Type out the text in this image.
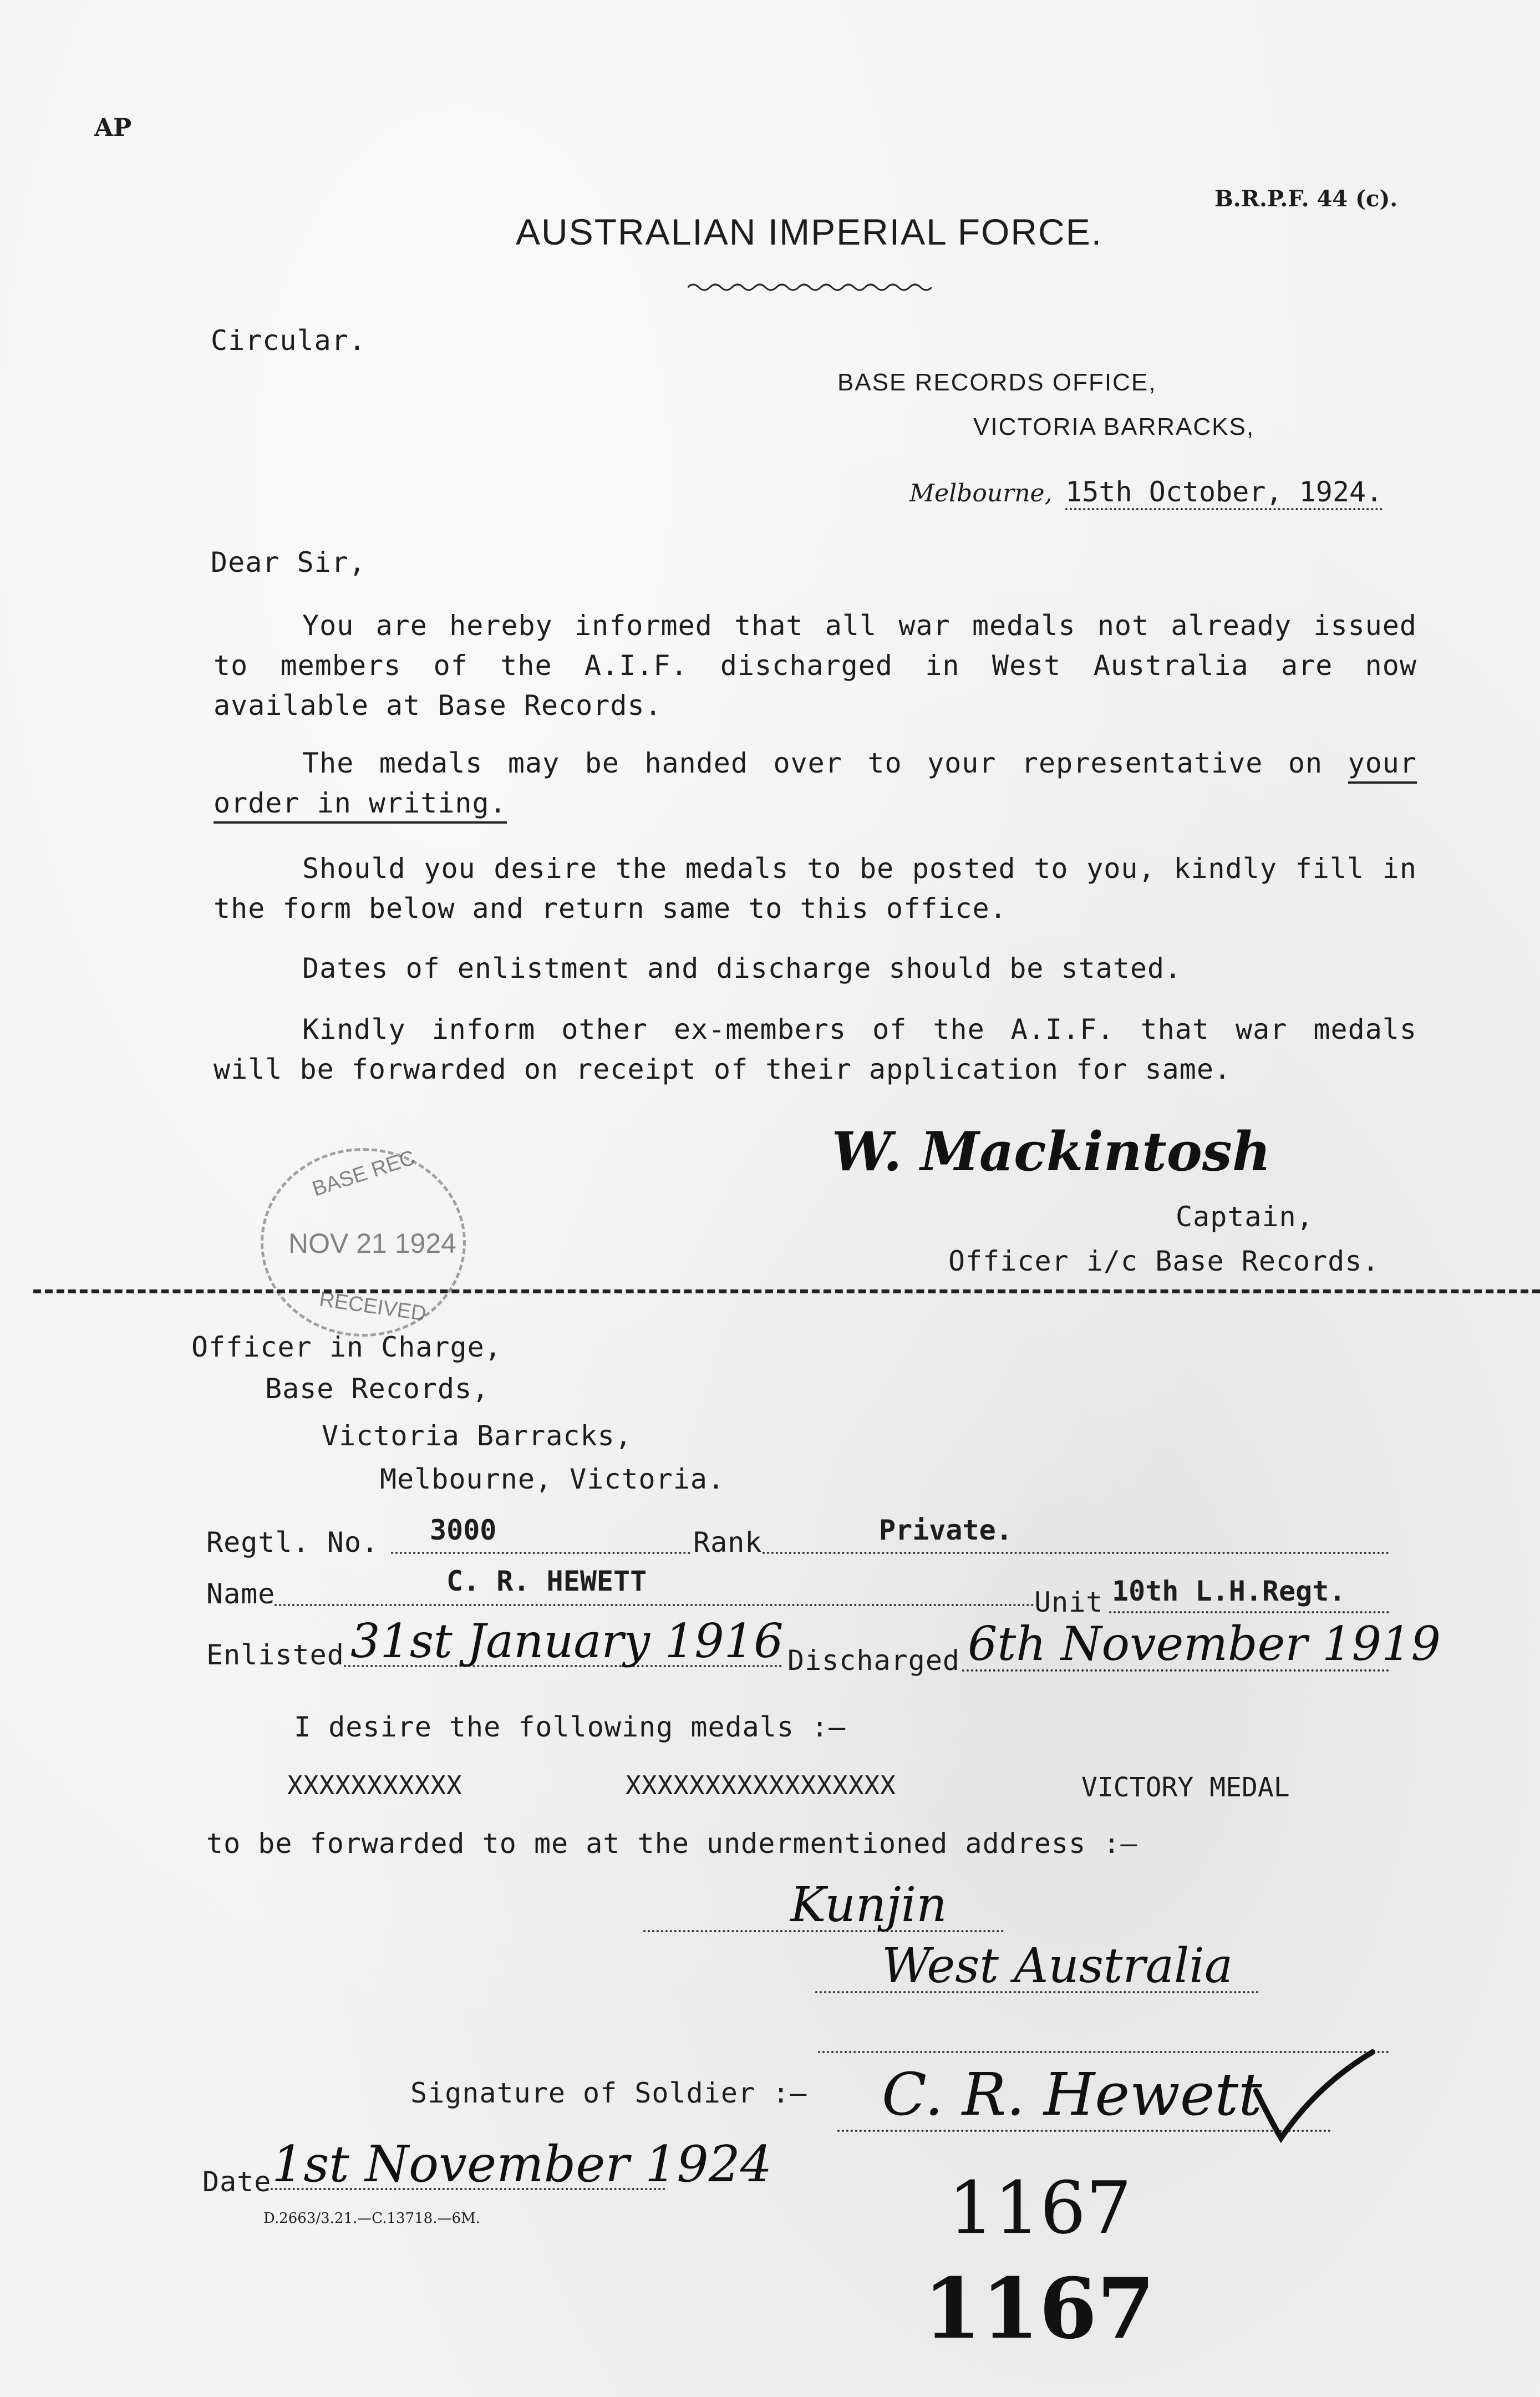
AP
B.R.P.F. 44 (c).
AUSTRALIAN IMPERIAL FORCE.
Circular.
BASE RECORDS OFFICE,
VICTORIA BARRACKS,
Melbourne, 15th October, 1924.
Dear Sir,
You are hereby informed that all war medals not already issued to members of the A.I.F. discharged in West Australia are now available at Base Records.
The medals may be handed over to your representative on your order in writing.
Should you desire the medals to be posted to you, kindly fill in the form below and return same to this office.
Dates of enlistment and discharge should be stated.
Kindly inform other ex-members of the A.I.F. that war medals will be forwarded on receipt of their application for same.
W. Mackintosh
Captain,
Officer i/c Base Records.
BASE REC
NOV 21 1924
RECEIVED
Officer in Charge,
Base Records,
Victoria Barracks,
Melbourne, Victoria.
Regtl. No. 3000	Rank	Private.
Name	C. R. HEWETT
Unit 10th L.H.Regt.
Enlisted 31st January 1916 Discharged 6th November 1919
I desire the following medals :—
XXXXXXXXXXX	XXXXXXXXXXXXXXXXX	VICTORY MEDAL
to be forwarded to me at the undermentioned address :—
Kunjin
West Australia
Signature of Soldier :— C. R. Hewett
Date 1st November 1924
D.2663/3.21.—C.13718.—6M.	1167
1167
